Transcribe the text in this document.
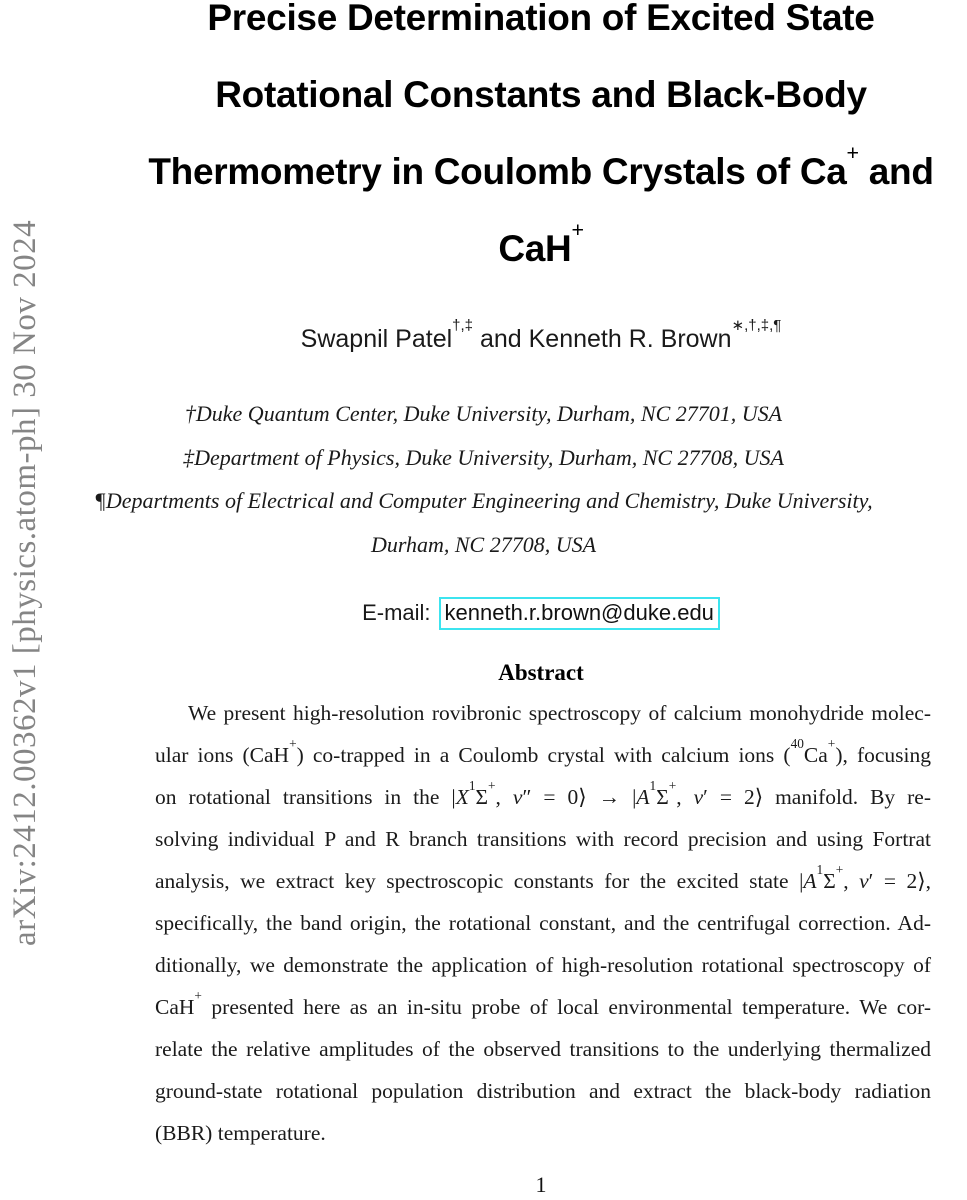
arXiv:2412.00362v1 [physics.atom-ph] 30 Nov 2024
Precise Determination of Excited State
Rotational Constants and Black-Body
Thermometry in Coulomb Crystals of Ca+ and
CaH+
Swapnil Patel†,‡ and Kenneth R. Brown∗,†,‡,¶
†Duke Quantum Center, Duke University, Durham, NC 27701, USA
‡Department of Physics, Duke University, Durham, NC 27708, USA
¶Departments of Electrical and Computer Engineering and Chemistry, Duke University,
Durham, NC 27708, USA
E-mail: kenneth.r.brown@duke.edu
Abstract
We present high-resolution rovibronic spectroscopy of calcium monohydride molec-
ular ions (CaH+) co-trapped in a Coulomb crystal with calcium ions ($^{40}$Ca+), focusing
on rotational transitions in the $|X^1\Sigma^+$, ν″ = 0⟩ → $|A^1\Sigma^+$, ν′ = 2⟩ manifold. By re-
solving individual P and R branch transitions with record precision and using Fortrat
analysis, we extract key spectroscopic constants for the excited state $|A^1\Sigma^+$, ν′ = 2⟩,
specifically, the band origin, the rotational constant, and the centrifugal correction. Ad-
ditionally, we demonstrate the application of high-resolution rotational spectroscopy of
CaH+ presented here as an in-situ probe of local environmental temperature. We cor-
relate the relative amplitudes of the observed transitions to the underlying thermalized
ground-state rotational population distribution and extract the black-body radiation
(BBR) temperature.
1
